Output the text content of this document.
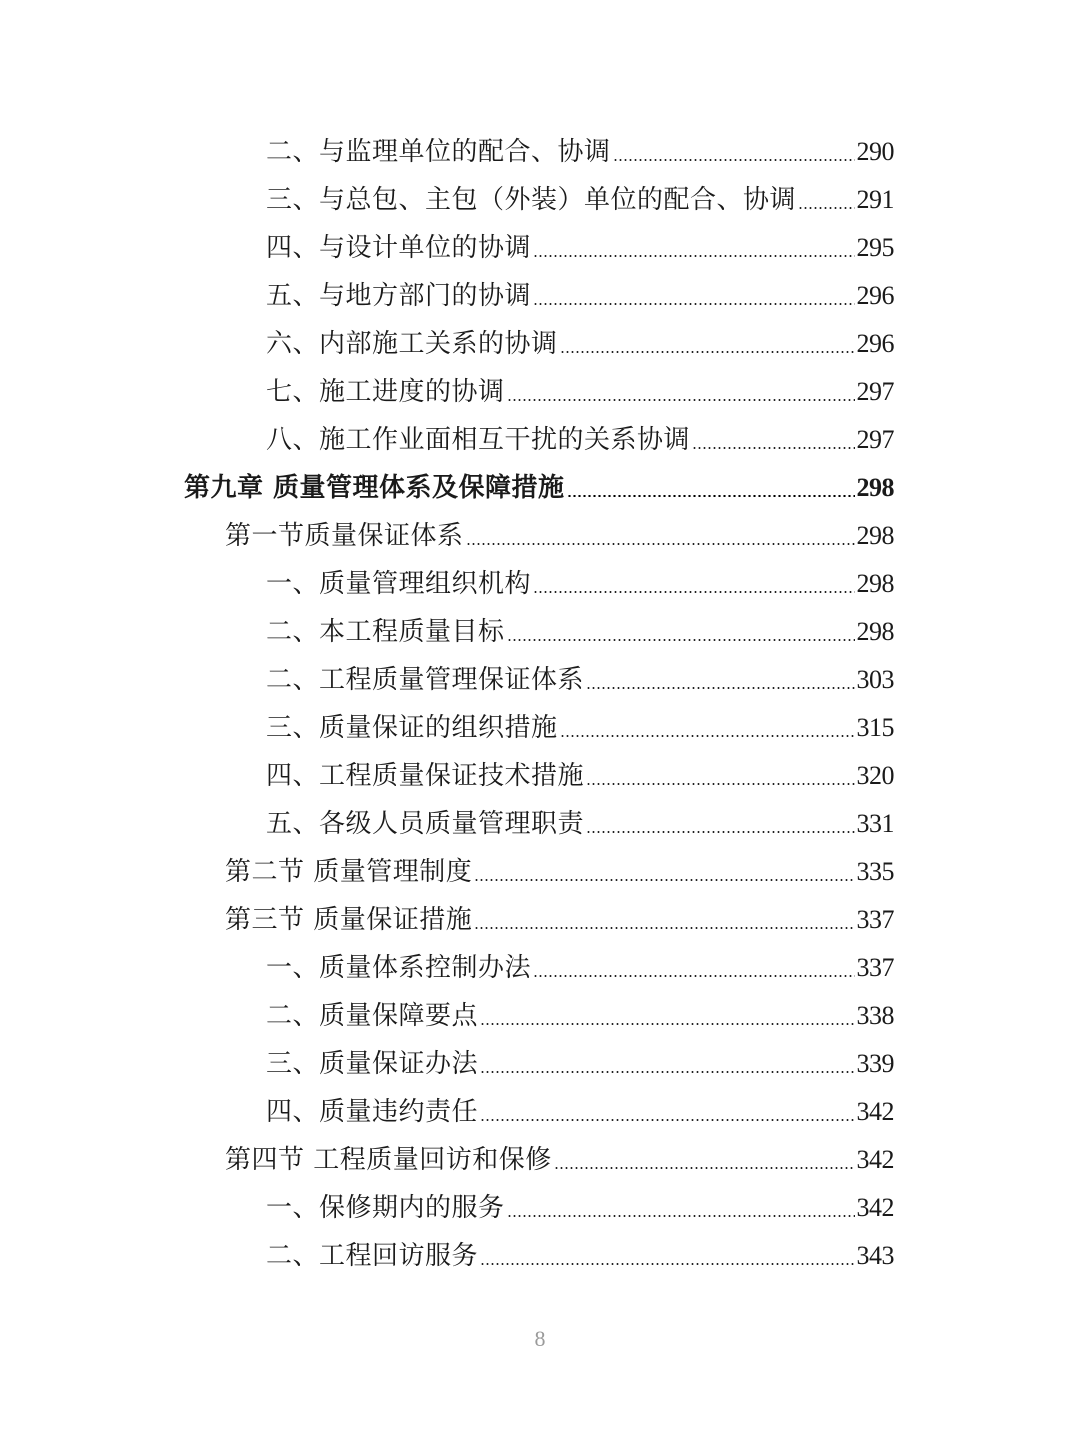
二、与监理单位的配合、协调	290
三、与总包、主包（外装）单位的配合、协调 291
四、与设计单位的协调	295
五、与地方部门的协调	296
六、内部施工关系的协调	296
七、施工进度的协调	297
八、施工作业面相互干扰的关系协调	297
第九章 质量管理体系及保障措施	298
第一节质量保证体系	298
一、质量管理组织机构	298
二、本工程质量目标	298
二、工程质量管理保证体系	303
三、质量保证的组织措施	315
四、工程质量保证技术措施	320
五、各级人员质量管理职责	331
第二节 质量管理制度	335
第三节 质量保证措施	337
一、质量体系控制办法	337
二、质量保障要点	338
三、质量保证办法	339
四、质量违约责任	342
第四节 工程质量回访和保修	342
一、保修期内的服务	342
二、工程回访服务	343
8
